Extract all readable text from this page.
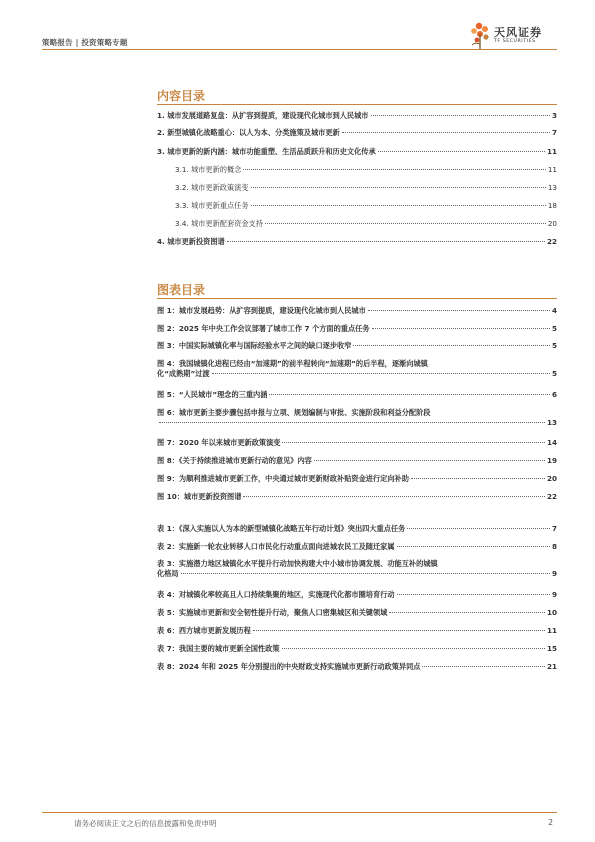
策略报告 | 投资策略专题
天风证券
TF SECURITIES
内容目录
1. 城市发展道路复盘：从扩容到提质，建设现代化城市到人民城市	3
2. 新型城镇化战略重心：以人为本、分类施策及城市更新	7
3. 城市更新的新内涵：城市功能重塑、生活品质跃升和历史文化传承	11
3.1. 城市更新的概念	11
3.2. 城市更新政策演变	13
3.3. 城市更新重点任务	18
3.4. 城市更新配套资金支持	20
4. 城市更新投资图谱	22
图表目录
图 1：城市发展趋势：从扩容到提质，建设现代化城市到人民城市	4
图 2：2025 年中央工作会议部署了城市工作 7 个方面的重点任务	5
图 3：中国实际城镇化率与国际经验水平之间的缺口逐步收窄	5
图 4：我国城镇化进程已经由“加速期”的前半程转向“加速期”的后半程，逐渐向城镇
化“成熟期”过渡	5
图 5：“人民城市”理念的三重内涵	6
图 6：城市更新主要步骤包括申报与立项、规划编制与审批、实施阶段和利益分配阶段
13
图 7：2020 年以来城市更新政策演变	14
图 8：《关于持续推进城市更新行动的意见》内容	19
图 9：为顺利推进城市更新工作，中央通过城市更新财政补贴资金进行定向补助	20
图 10：城市更新投资图谱	22
表 1：《深入实施以人为本的新型城镇化战略五年行动计划》突出四大重点任务	7
表 2：实施新一轮农业转移人口市民化行动重点面向进城农民工及随迁家属	8
表 3：实施潜力地区城镇化水平提升行动加快构建大中小城市协调发展、功能互补的城镇
化格局	9
表 4：对城镇化率较高且人口持续集聚的地区，实施现代化都市圈培育行动	9
表 5：实施城市更新和安全韧性提升行动，聚焦人口密集城区和关键领域	10
表 6：西方城市更新发展历程	11
表 7：我国主要的城市更新全国性政策	15
表 8：2024 年和 2025 年分别提出的中央财政支持实施城市更新行动政策异同点	21
请务必阅读正文之后的信息披露和免责申明	2
